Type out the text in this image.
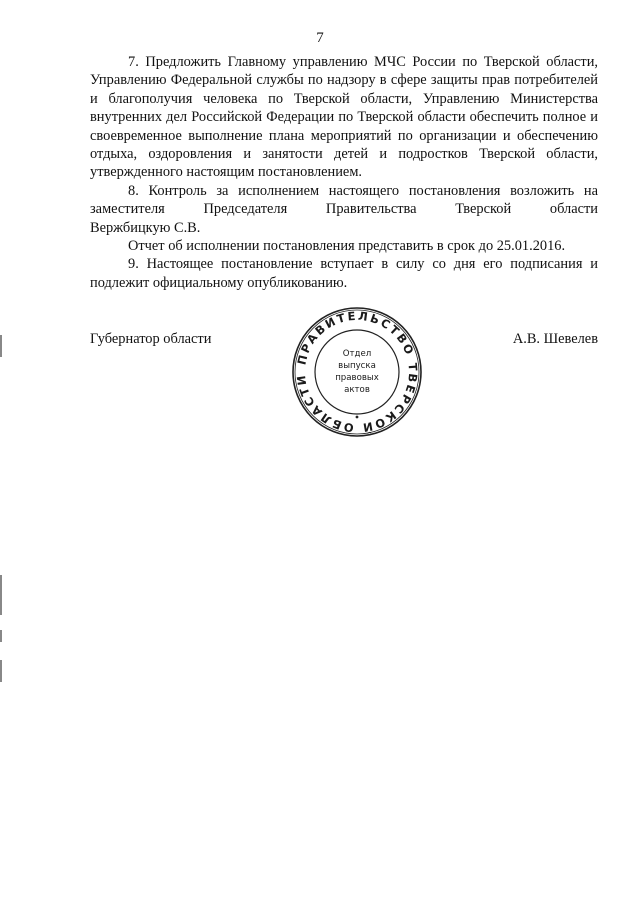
7

7. Предложить Главному управлению МЧС России по Тверской области, Управлению Федеральной службы по надзору в сфере защиты прав потребителей и благополучия человека по Тверской области, Управлению Министерства внутренних дел Российской Федерации по Тверской области обеспечить полное и своевременное выполнение плана мероприятий по организации и обеспечению отдыха, оздоровления и занятости детей и подростков Тверской области, утвержденного настоящим постановлением.

8. Контроль за исполнением настоящего постановления возложить на заместителя Председателя Правительства Тверской области

Вержбицкую С.В.

Отчет об исполнении постановления представить в срок до 25.01.2016.

9. Настоящее постановление вступает в силу со дня его подписания и подлежит официальному опубликованию.

Губернатор области
ПРАВИТЕЛЬСТВО ТВЕРСКОЙ ОБЛАСТИ
Отдел
выпуска
правовых
актов
А.В. Шевелев
